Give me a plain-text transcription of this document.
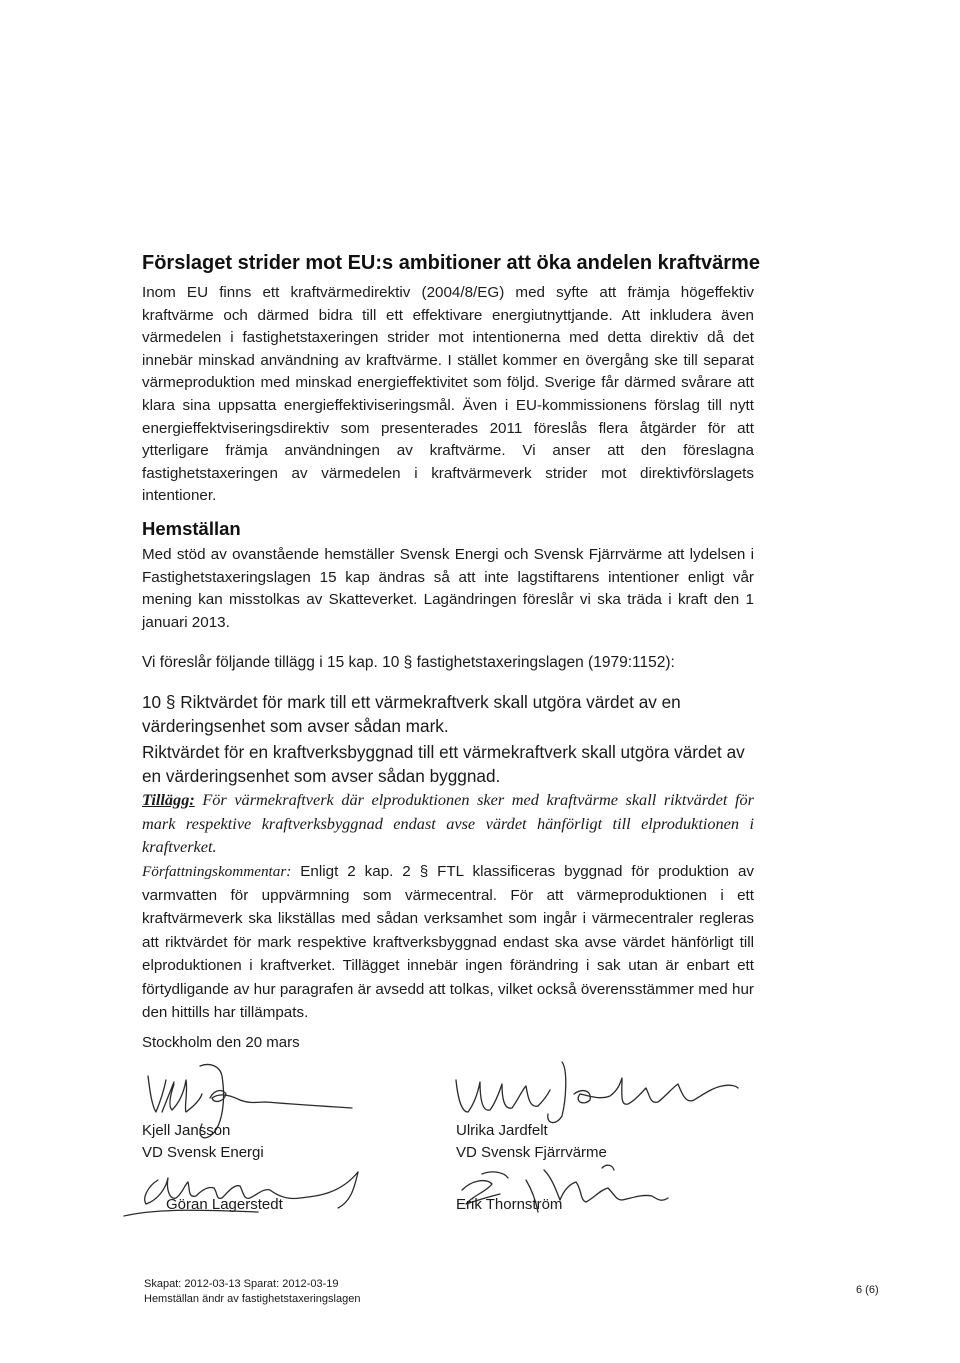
Förslaget strider mot EU:s ambitioner att öka andelen kraftvärme
Inom EU finns ett kraftvärmedirektiv (2004/8/EG) med syfte att främja högeffektiv kraftvärme och därmed bidra till ett effektivare energiutnyttjande. Att inkludera även värmedelen i fastighetstaxeringen strider mot intentionerna med detta direktiv då det innebär minskad användning av kraftvärme. I stället kommer en övergång ske till separat värmeproduktion med minskad energieffektivitet som följd. Sverige får därmed svårare att klara sina uppsatta energieffektiviseringsmål. Även i EU-kommissionens förslag till nytt energieffektviseringsdirektiv som presenterades 2011 föreslås flera åtgärder för att ytterligare främja användningen av kraftvärme. Vi anser att den föreslagna fastighetstaxeringen av värmedelen i kraftvärmeverk strider mot direktivförslagets intentioner.
Hemställan
Med stöd av ovanstående hemställer Svensk Energi och Svensk Fjärrvärme att lydelsen i Fastighetstaxeringslagen 15 kap ändras så att inte lagstiftarens intentioner enligt vår mening kan misstolkas av Skatteverket. Lagändringen föreslår vi ska träda i kraft den 1 januari 2013.
Vi föreslår följande tillägg i 15 kap. 10 § fastighetstaxeringslagen (1979:1152):
10 § Riktvärdet för mark till ett värmekraftverk skall utgöra värdet av en värderingsenhet som avser sådan mark.
Riktvärdet för en kraftverksbyggnad till ett värmekraftverk skall utgöra värdet av en värderingsenhet som avser sådan byggnad.
Tillägg: För värmekraftverk där elproduktionen sker med kraftvärme skall riktvärdet för mark respektive kraftverksbyggnad endast avse värdet hänförligt till elproduktionen i kraftverket.
Författningskommentar: Enligt 2 kap. 2 § FTL klassificeras byggnad för produktion av varmvatten för uppvärmning som värmecentral. För att värmeproduktionen i ett kraftvärmeverk ska likställas med sådan verksamhet som ingår i värmecentraler regleras att riktvärdet för mark respektive kraftverksbyggnad endast ska avse värdet hänförligt till elproduktionen i kraftverket. Tillägget innebär ingen förändring i sak utan är enbart ett förtydligande av hur paragrafen är avsedd att tolkas, vilket också överensstämmer med hur den hittills har tillämpats.
Stockholm den 20 mars
Kjell Jansson
VD Svensk Energi
Göran Lagerstedt
Ulrika Jardfelt
VD Svensk Fjärrvärme
Erik Thornström
Skapat: 2012-03-13 Sparat: 2012-03-19
Hemställan ändr av fastighetstaxeringslagen
6 (6)
